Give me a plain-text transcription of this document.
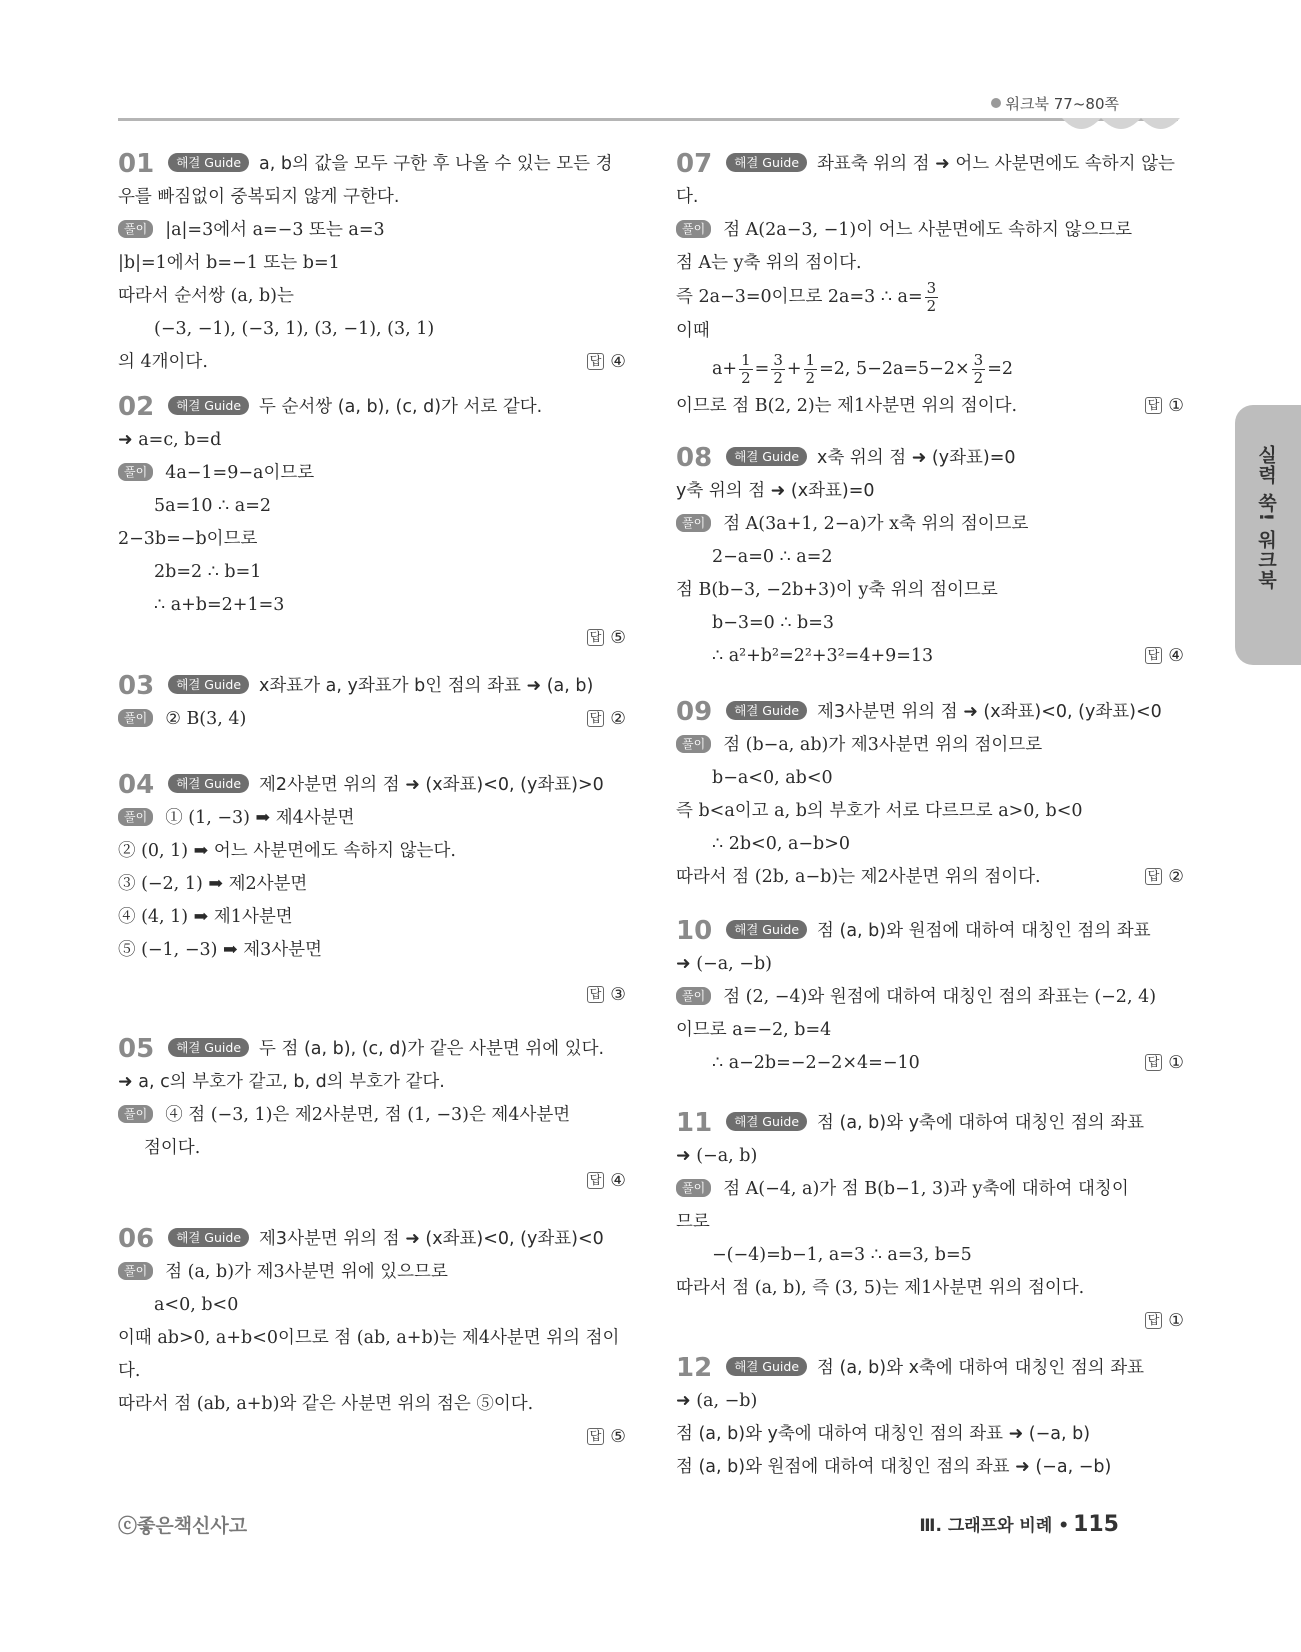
워크북 77~80쪽
실력 쑥! 워크북

01 해결 Guide a, b의 값을 모두 구한 후 나올 수 있는 모든 경우를 빠짐없이 중복되지 않게 구한다.

풀이 |a|=3에서 a=−3 또는 a=3

|b|=1에서 b=−1 또는 b=1

따라서 순서쌍 (a, b)는

(−3, −1), (−3, 1), (3, −1), (3, 1)

의 4개이다.	답 ④

02 해결 Guide 두 순서쌍 (a, b), (c, d)가 서로 같다.

➜ a=c, b=d

풀이 4a−1=9−a이므로

5a=10 ∴ a=2

2−3b=−b이므로

2b=2 ∴ b=1

∴ a+b=2+1=3

답 ⑤

03 해결 Guide x좌표가 a, y좌표가 b인 점의 좌표 ➜ (a, b)

풀이 ② B(3, 4)	답 ②

04 해결 Guide 제2사분면 위의 점 ➜ (x좌표)<0, (y좌표)>0

풀이 ① (1, −3) ➡ 제4사분면

② (0, 1) ➡ 어느 사분면에도 속하지 않는다.

③ (−2, 1) ➡ 제2사분면

④ (4, 1) ➡ 제1사분면

⑤ (−1, −3) ➡ 제3사분면

답 ③

05 해결 Guide 두 점 (a, b), (c, d)가 같은 사분면 위에 있다.

➜ a, c의 부호가 같고, b, d의 부호가 같다.

풀이 ④ 점 (−3, 1)은 제2사분면, 점 (1, −3)은 제4사분면

점이다.

답 ④

06 해결 Guide 제3사분면 위의 점 ➜ (x좌표)<0, (y좌표)<0

풀이 점 (a, b)가 제3사분면 위에 있으므로

a<0, b<0

이때 ab>0, a+b<0이므로 점 (ab, a+b)는 제4사분면 위의 점이다.

따라서 점 (ab, a+b)와 같은 사분면 위의 점은 ⑤이다.

답 ⑤

07 해결 Guide 좌표축 위의 점 ➜ 어느 사분면에도 속하지 않는다.

풀이 점 A(2a−3, −1)이 어느 사분면에도 속하지 않으므로

점 A는 y축 위의 점이다.

즉 2a−3=0이므로 2a=3 ∴ $a= \frac{3}{2}$

이때

$a+ \frac{1}{2} = \frac{3}{2} + \frac{1}{2} =2$, $5-2a=5-2\times \frac{3}{2} =2$

이므로 점 B(2, 2)는 제1사분면 위의 점이다.	답 ①

08 해결 Guide x축 위의 점 ➜ (y좌표)=0

y축 위의 점 ➜ (x좌표)=0

풀이 점 A(3a+1, 2−a)가 x축 위의 점이므로

2−a=0 ∴ a=2

점 B(b−3, −2b+3)이 y축 위의 점이므로

b−3=0 ∴ b=3

∴ a²+b²=2²+3²=4+9=13	답 ④

09 해결 Guide 제3사분면 위의 점 ➜ (x좌표)<0, (y좌표)<0

풀이 점 (b−a, ab)가 제3사분면 위의 점이므로

b−a<0, ab<0

즉 b<a이고 a, b의 부호가 서로 다르므로 a>0, b<0

∴ 2b<0, a−b>0

따라서 점 (2b, a−b)는 제2사분면 위의 점이다.	답 ②

10 해결 Guide 점 (a, b)와 원점에 대하여 대칭인 점의 좌표

➜ (−a, −b)

풀이 점 (2, −4)와 원점에 대하여 대칭인 점의 좌표는 (−2, 4)

이므로 a=−2, b=4

∴ a−2b=−2−2×4=−10	답 ①

11 해결 Guide 점 (a, b)와 y축에 대하여 대칭인 점의 좌표

➜ (−a, b)

풀이 점 A(−4, a)가 점 B(b−1, 3)과 y축에 대하여 대칭이

므로

−(−4)=b−1, a=3 ∴ a=3, b=5

따라서 점 (a, b), 즉 (3, 5)는 제1사분면 위의 점이다.

답 ①

12 해결 Guide 점 (a, b)와 x축에 대하여 대칭인 점의 좌표

➜ (a, −b)

점 (a, b)와 y축에 대하여 대칭인 점의 좌표 ➜ (−a, b)

점 (a, b)와 원점에 대하여 대칭인 점의 좌표 ➜ (−a, −b)

ⓒ좋은책신사고	Ⅲ. 그래프와 비례 • 115
